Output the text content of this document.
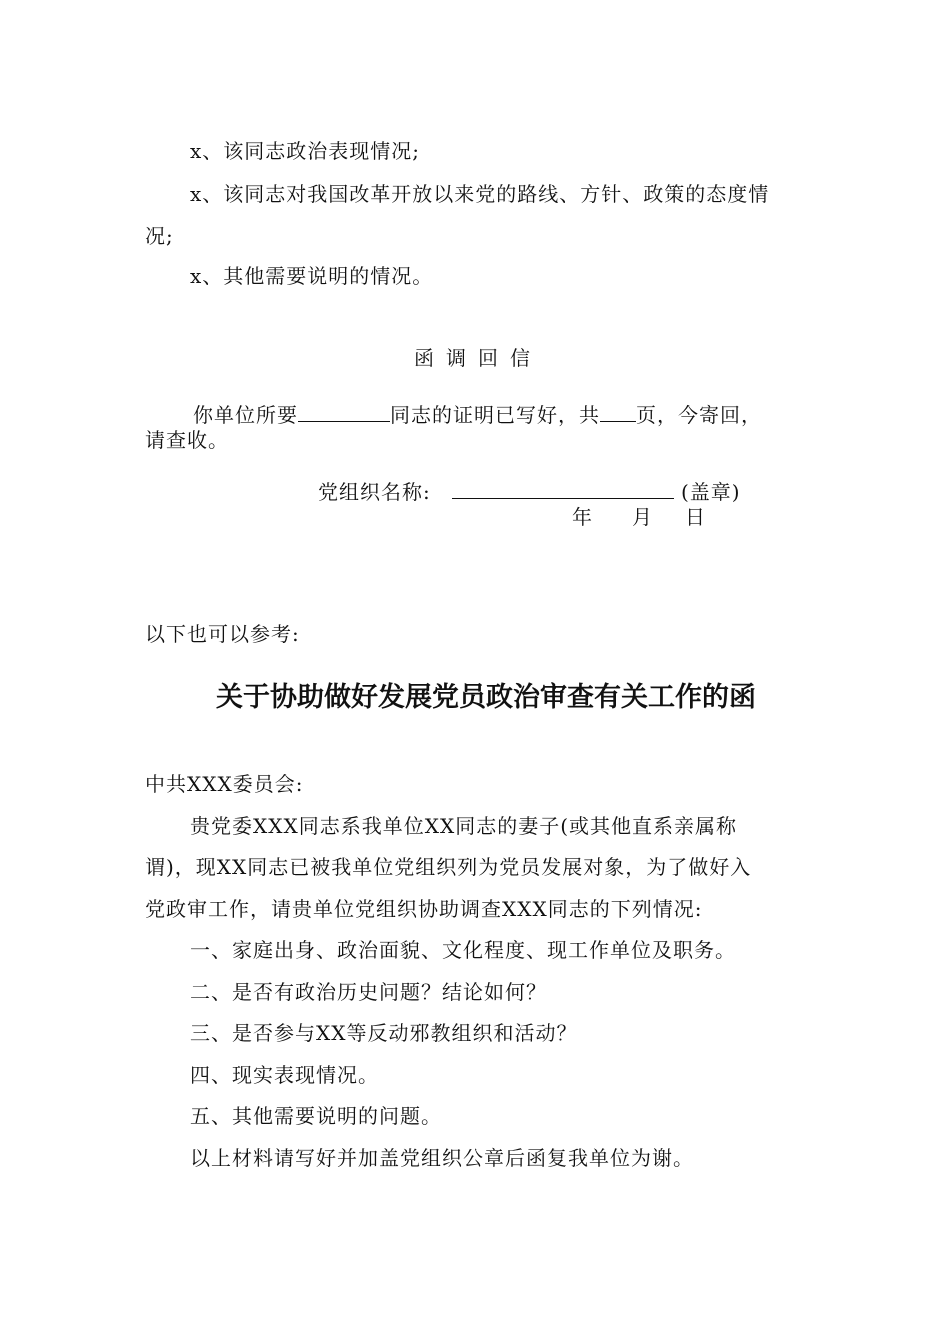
x、该同志政治表现情况;
x、该同志对我国改革开放以来党的路线、方针、政策的态度情
况;
x、其他需要说明的情况。
函调回信
你单位所要	同志的证明已写好，共 页，今寄回，
请查收。
党组织名称:	(盖章)
年 月 日
以下也可以参考:
关于协助做好发展党员政治审查有关工作的函
中共XXX委员会:
贵党委XXX同志系我单位XX同志的妻子(或其他直系亲属称
谓)，现XX同志已被我单位党组织列为党员发展对象，为了做好入
党政审工作，请贵单位党组织协助调查XXX同志的下列情况:
一、家庭出身、政治面貌、文化程度、现工作单位及职务。
二、是否有政治历史问题？结论如何？
三、是否参与XX等反动邪教组织和活动？
四、现实表现情况。
五、其他需要说明的问题。
以上材料请写好并加盖党组织公章后函复我单位为谢。
